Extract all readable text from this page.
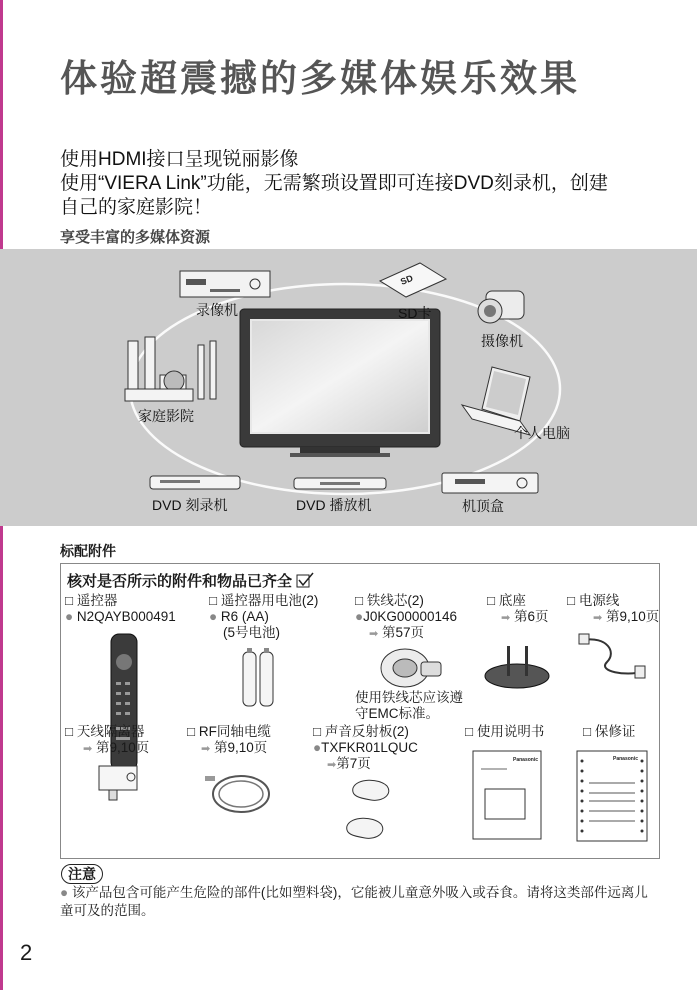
体验超震撼的多媒体娱乐效果
使用HDMI接口呈现锐丽影像
使用“VIERA Link”功能，无需繁琐设置即可连接DVD刻录机，创建
自己的家庭影院！
享受丰富的多媒体资源
SD
录像机	SD卡
摄像机
家庭影院
个人电脑
DVD 刻录机	DVD 播放机	机顶盒
标配附件
核对是否所示的附件和物品已齐全
□ 遥控器
● N2QAYB000491
□ 遥控器用电池(2)
● R6 (AA)
(5号电池)
□ 铁线芯(2)
●J0KG00000146
➡ 第57页
使用铁线芯应该遵
守EMC标准。
□ 底座
➡ 第6页
□ 电源线
➡ 第9,10页
□ 天线隔离器
➡ 第9,10页
□ RF同轴电缆
➡ 第9,10页
□ 声音反射板(2)
●TXFKR01LQUC
➡第7页
□ 使用说明书
Panasonic
□ 保修证
Panasonic
注意
● 该产品包含可能产生危险的部件(比如塑料袋)，它能被儿童意外吸入或吞食。请将这类部件远离儿童可及的范围。
2
